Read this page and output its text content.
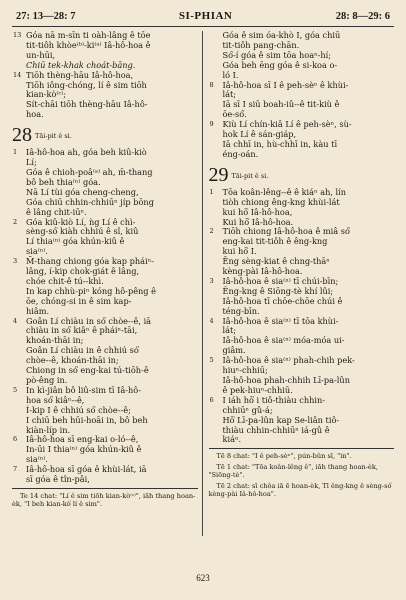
27: 13—28: 7	SI-PHIAN	28: 8—29: 6
13 Góa nā m-sīn ti oàh-lâng ê tōe

tit-tiôh khòe⁽ᵇ⁾-ki⁽ᵃ⁾ Iâ-hô-hoa ê

un-hūi,

Chiū tek-khak choát-bāng.

14 Tiōh thèng-hāu Iâ-hô-hoa,

Tiōh iông-chóng, lí ê sim tiōh

kian-kò⁽ᶜ⁾;

Sít-chāi tiōh thèng-hāu Iâ-hô-

hoa.

28 Tāi-pit ê si.
1 Iâ-hô-hoa ah, góa beh kiû-kiò

Lí;

Góa ê chioh-poâ⁽ᵃ⁾ ah, m̄-thang

bô beh thia⁽ⁿ⁾ góa.

Nā Lí tùi góa cheng-cheng,

Góa chiū chhin-chhiūⁿ jíp bōng

ê lâng chit-iūⁿ.

2 Góa kiû-kiò Lí, ǹg Lí ê chì-

sèng-só͘ kiàh chhiú ê sî, kiû

Lí thia⁽ⁿ⁾ góa khún-kiû ê

sia⁽ⁿ⁾.

3 M̄-thang chiong góa kap pháiⁿ-

lâng, í-kip chok-giát ê lâng,

chóe chit-ê tú--khì.

In kap chhù-piⁿ kóng hô-pêng ê

ōe, chóng-si in ê sim kap-

hiâm.

4 Goân Lí chiàu in só͘ chòe--ê, iā

chiàu in só͘ kiâⁿ ê pháiⁿ-tāi,

khoán-thāi in;

Goân Lí chiàu in ê chhiú só͘

chòe--ê, khoán-thāi in;

Chiong in só͘ eng-kai tú-tiōh-ê

pò-êng in.

5 In kì-jiân bô liû-sim tī Iâ-hô-

hoa só͘ kiâⁿ--ê,

Í-kip I ê chhiú só͘ chòe--ê;

I chiū beh hūi-hoāi in, bô beh

kiàn-líp in.

6 Iâ-hô-hoa sī eng-kai o-ló--ê,

In-ūi I thia⁽ⁿ⁾ góa khún-kiû ê

sia⁽ⁿ⁾.

7 Iâ-hô-hoa sī góa ê khùi-lát, iā

sī góa ê tîn-pâi,

Te 14 chat: "Lí ê sim tiōh kian-kò⁽ᶜ⁾", iāh thang hoan-èk, "I beh kian-kò͘ lí ê sim".

Góa ê sim óa-khò I, góa chiū

tit-tiôh pang-chān.

Só͘-í góa ê sim tōa hoaⁿ-hí;

Góa beh ēng góa ê si-koa o-

ló I.

8 Iâ-hô-hoa sī I ê peh-sèⁿ ê khùi-

lát;

Iā sī I siū boah-iû--ê tit-kiù ê

ōe-só͘.

9 Kiù Lí chín-kiâ Lí ê peh-sèⁿ, sù-

hok Lí ê sán-giáp,

Iā chhī in, hù-chhī in, kàu tī

éng-oán.

29 Tāi-pit ê si.
1 Tōa koân-lêng--ê ê kiáⁿ ah, lín

tiòh chiong êng-kng khùi-lát

kui hō͘ Iâ-hô-hoa,

Kui hō͘ Iâ-hô-hoa.

2 Tiōh chiong Iâ-hô-hoa ê miâ só͘

eng-kai tit-tiôh ê êng-kng

kui hō͘ I.

Ēng sèng-kiat ê chng-thāⁿ

kèng-pài Iâ-hô-hoa.

3 Iâ-hô-hoa ê sia⁽ⁿ⁾ tī chúi-bīn;

Êng-kng ê Siōng-tè khí lûi;

Iâ-hô-hoa tī chōe-chōe chúi ê

téng-bīn.

4 Iâ-hô-hoa ê sia⁽ⁿ⁾ tī tōa khùi-

lát;

Iâ-hô-hoa ê sia⁽ⁿ⁾ móa-móa ui-

giâm.

5 Iâ-hô-hoa ê sia⁽ⁿ⁾ phah-chih pek-

hiuⁿ-chhiū;

Iâ-hô-hoa phah-chhih Lī-pa-lûn

ê pek-hiuⁿ-chhiū.

6 I iáh hō͘ i tiô-thiàu chhin-

chhiūⁿ gû-á;

Hō͘ Lī-pa-lûn kap Se-liân tiô-

thiàu chhin-chhiūⁿ iá-gû ê

kiáⁿ.

Tē 8 chat: "I ê peh-sèⁿ", pún-bûn sī, "in".

Tē 1 chat: "Tōa koân-lêng ê", iāh thang hoan-èk, "Siōng-tè".

Tē 2 chat: sī chôa iā ē hoan-èk, Tī êng-kng ê sèng-só͘ kèng-pài Iâ-hô-hoa".

623
